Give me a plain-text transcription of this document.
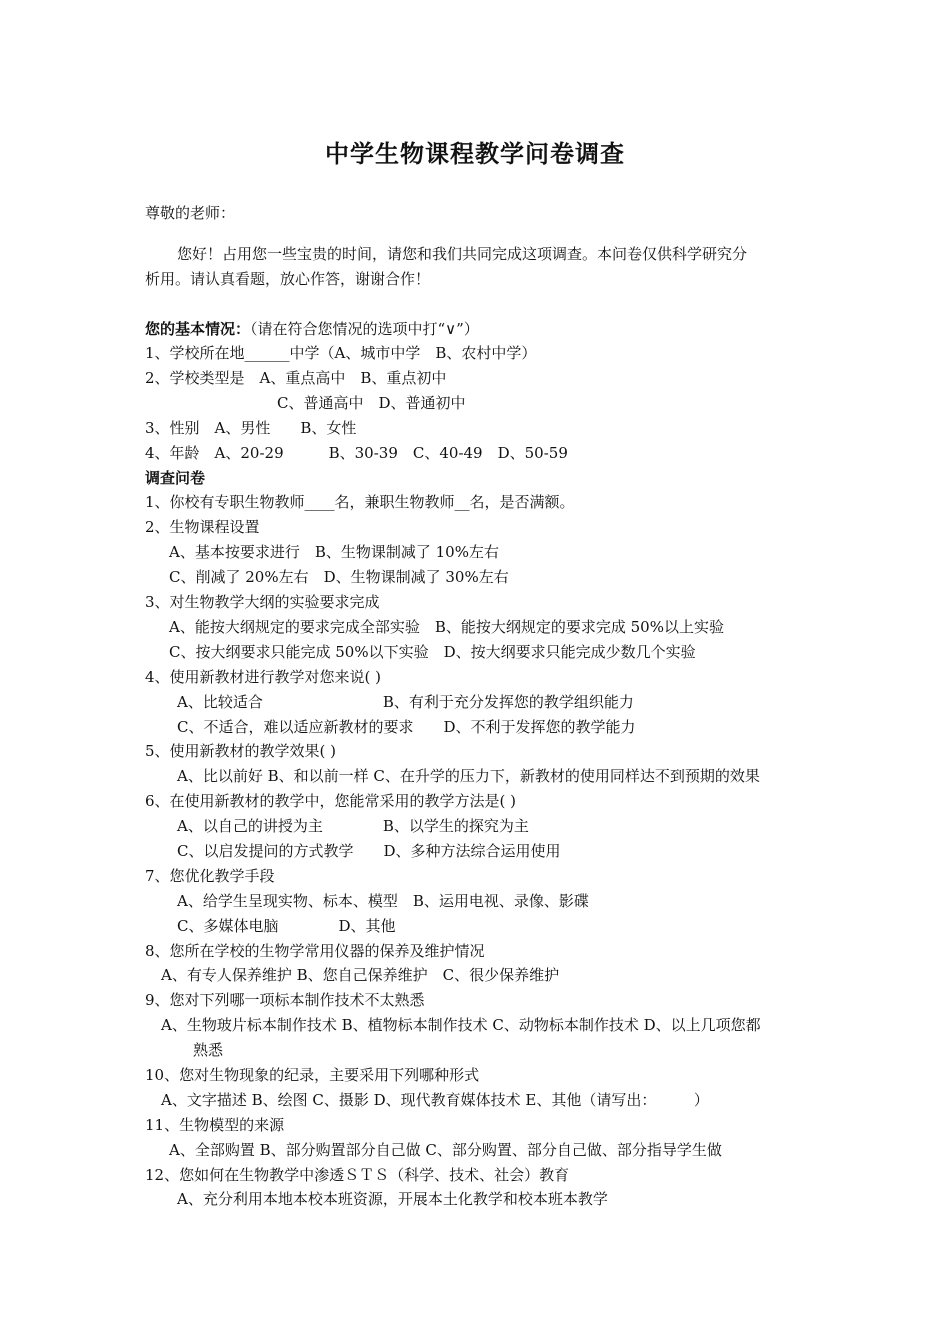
中学生物课程教学问卷调查
尊敬的老师：
您好！占用您一些宝贵的时间，请您和我们共同完成这项调查。本问卷仅供科学研究分
析用。请认真看题，放心作答，谢谢合作！
您的基本情况：（请在符合您情况的选项中打“∨”）
1、学校所在地______中学（A、城市中学　B、农村中学）
2、学校类型是　A、重点高中　B、重点初中
C、普通高中　D、普通初中
3、性别　A、男性　　B、女性
4、年龄　A、20-29　　　B、30-39　C、40-49　D、50-59
调查问卷
1、你校有专职生物教师____名，兼职生物教师__名，是否满额。
2、生物课程设置
A、基本按要求进行　B、生物课制减了 10%左右
C、削减了 20%左右　D、生物课制减了 30%左右
3、对生物教学大纲的实验要求完成
A、能按大纲规定的要求完成全部实验　B、能按大纲规定的要求完成 50%以上实验
C、按大纲要求只能完成 50%以下实验　D、按大纲要求只能完成少数几个实验
4、使用新教材进行教学对您来说( )
A、比较适合　　　　　　　　B、有利于充分发挥您的教学组织能力
C、不适合，难以适应新教材的要求　　D、不利于发挥您的教学能力
5、使用新教材的教学效果( )
A、比以前好 B、和以前一样 C、在升学的压力下，新教材的使用同样达不到预期的效果
6、在使用新教材的教学中，您能常采用的教学方法是( )
A、以自己的讲授为主　　　　B、以学生的探究为主
C、以启发提问的方式教学　　D、多种方法综合运用使用
7、您优化教学手段
A、给学生呈现实物、标本、模型　B、运用电视、录像、影碟
C、多媒体电脑　　　　D、其他
8、您所在学校的生物学常用仪器的保养及维护情况
A、有专人保养维护 B、您自己保养维护　C、很少保养维护
9、您对下列哪一项标本制作技术不太熟悉
A、生物玻片标本制作技术 B、植物标本制作技术 C、动物标本制作技术 D、以上几项您都
熟悉
10、您对生物现象的纪录，主要采用下列哪种形式
A、文字描述 B、绘图 C、摄影 D、现代教育媒体技术 E、其他（请写出：　　　）
11、生物模型的来源
A、全部购置 B、部分购置部分自己做 C、部分购置、部分自己做、部分指导学生做
12、您如何在生物教学中渗透ＳＴＳ（科学、技术、社会）教育
A、充分利用本地本校本班资源，开展本土化教学和校本班本教学
